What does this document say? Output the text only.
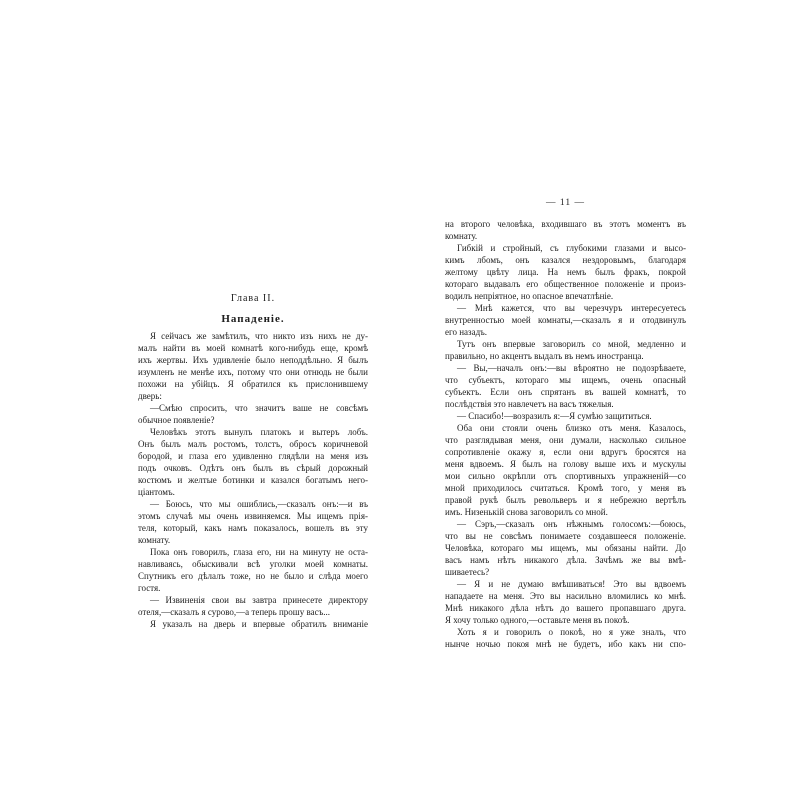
Глава II.
Нападенiе.
Я сейчасъ же замѣтилъ, что никто изъ нихъ не ду-
малъ найти въ моей комнатѣ кого-нибудь еще, кромѣ
ихъ жертвы. Ихъ удивленiе было неподдѣльно. Я былъ
изумленъ не менѣе ихъ, потому что они отнюдь не были
похожи на убiйцъ. Я обратился къ прислонившему
дверь:
—Смѣю спросить, что значитъ ваше не совсѣмъ
обычное появленiе?
Человѣкъ этотъ вынулъ платокъ и вытеръ лобъ.
Онъ былъ малъ ростомъ, толстъ, обросъ коричневой
бородой, и глаза его удивленно глядѣли на меня изъ
подъ очковъ. Одѣтъ онъ былъ въ сѣрый дорожный
костюмъ и желтые ботинки и казался богатымъ него-
цiантомъ.
— Боюсь, что мы ошиблись,—сказалъ онъ:—и въ
этомъ случаѣ мы очень извиняемся. Мы ищемъ прiя-
теля, который, какъ намъ показалось, вошелъ въ эту
комнату.
Пока онъ говорилъ, глаза его, ни на минуту не оста-
навливаясь, обыскивали всѣ уголки моей комнаты.
Спутникъ его дѣлалъ тоже, но не было и слѣда моего
гостя.
— Извиненiя свои вы завтра принесете директору
отеля,—сказалъ я сурово,—а теперь прошу васъ...
Я указалъ на дверь и впервые обратилъ вниманiе
— 11 —
на второго человѣка, входившаго въ этотъ моментъ въ
комнату.
Гибкiй и стройный, съ глубокими глазами и высо-
кимъ лбомъ, онъ казался нездоровымъ, благодаря
желтому цвѣту лица. На немъ былъ фракъ, покрой
котораго выдавалъ его общественное положенiе и произ-
водилъ непрiятное, но опасное впечатлѣнiе.
— Мнѣ кажется, что вы черезчуръ интересуетесь
внутренностью моей комнаты,—сказалъ я и отодвинулъ
его назадъ.
Тутъ онъ впервые заговорилъ со мной, медленно и
правильно, но акцентъ выдалъ въ немъ иностранца.
— Вы,—началъ онъ:—вы вѣроятно не подозрѣваете,
что субъектъ, котораго мы ищемъ, очень опасный
субъектъ. Если онъ спрятанъ въ вашей комнатѣ, то
послѣдствiя это навлечетъ на васъ тяжелыя.
— Спасибо!—возразилъ я:—Я сумѣю защититься.
Оба они стояли очень близко отъ меня. Казалось,
что разглядывая меня, они думали, насколько сильное
сопротивленiе окажу я, если они вдругъ бросятся на
меня вдвоемъ. Я былъ на голову выше ихъ и мускулы
мои сильно окрѣпли отъ спортивныхъ упражненiй—со
мной приходилось считаться. Кромѣ того, у меня въ
правой рукѣ былъ револьверъ и я небрежно вертѣлъ
имъ. Низенькiй снова заговорилъ со мной.
— Сэръ,—сказалъ онъ нѣжнымъ голосомъ:—боюсь,
что вы не совсѣмъ понимаете создавшееся положенiе.
Человѣка, котораго мы ищемъ, мы обязаны найти. До
васъ намъ нѣтъ никакого дѣла. Зачѣмъ же вы вмѣ-
шиваетесь?
— Я и не думаю вмѣшиваться! Это вы вдвоемъ
нападаете на меня. Это вы насильно вломились ко мнѣ.
Мнѣ никакого дѣла нѣтъ до вашего пропавшаго друга.
Я хочу только одного,—оставьте меня въ покоѣ.
Хоть я и говорилъ о покоѣ, но я уже зналъ, что
нынче ночью покоя мнѣ не будетъ, ибо какъ ни спо-
